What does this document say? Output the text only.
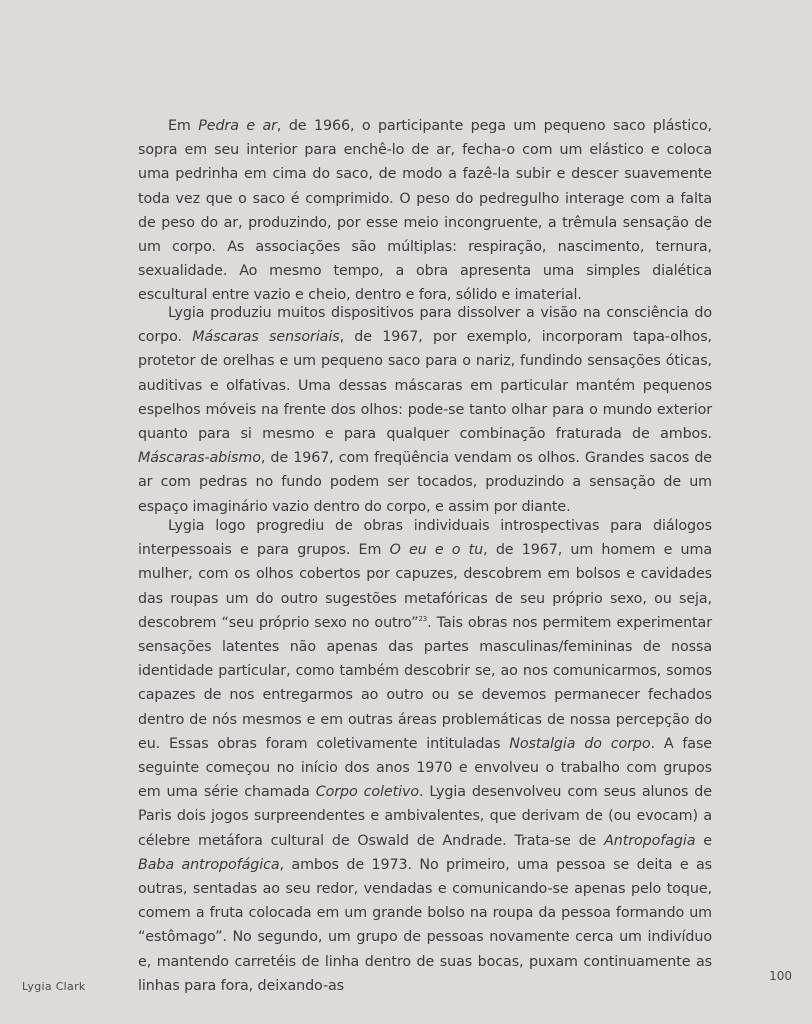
Em Pedra e ar, de 1966, o participante pega um pequeno saco plástico, sopra em seu interior para enchê-lo de ar, fecha-o com um elástico e coloca uma pedrinha em cima do saco, de modo a fazê-la subir e descer suavemente toda vez que o saco é comprimido. O peso do pedregulho interage com a falta de peso do ar, produzindo, por esse meio incongruente, a trêmula sensação de um corpo. As associações são múltiplas: respiração, nascimento, ternura, sexualidade. Ao mesmo tempo, a obra apresenta uma simples dialética escultural entre vazio e cheio, dentro e fora, sólido e imaterial.

Lygia produziu muitos dispositivos para dissolver a visão na consciência do corpo. Máscaras sensoriais, de 1967, por exemplo, incorporam tapa-olhos, protetor de orelhas e um pequeno saco para o nariz, fundindo sensações óticas, auditivas e olfativas. Uma dessas máscaras em particular mantém pequenos espelhos móveis na frente dos olhos: pode-se tanto olhar para o mundo exterior quanto para si mesmo e para qualquer combinação fraturada de ambos. Máscaras-abismo, de 1967, com freqüência vendam os olhos. Grandes sacos de ar com pedras no fundo podem ser tocados, produzindo a sensação de um espaço imaginário vazio dentro do corpo, e assim por diante.

Lygia logo progrediu de obras individuais introspectivas para diálogos interpessoais e para grupos. Em O eu e o tu, de 1967, um homem e uma mulher, com os olhos cobertos por capuzes, descobrem em bolsos e cavidades das roupas um do outro sugestões metafóricas de seu próprio sexo, ou seja, descobrem “seu próprio sexo no outro”$^{23}$. Tais obras nos permitem experimentar sensações latentes não apenas das partes masculinas/femininas de nossa identidade particular, como também descobrir se, ao nos comunicarmos, somos capazes de nos entregarmos ao outro ou se devemos permanecer fechados dentro de nós mesmos e em outras áreas problemáticas de nossa percepção do eu. Essas obras foram coletivamente intituladas Nostalgia do corpo. A fase seguinte começou no início dos anos 1970 e envolveu o trabalho com grupos em uma série chamada Corpo coletivo. Lygia desenvolveu com seus alunos de Paris dois jogos surpreendentes e ambivalentes, que derivam de (ou evocam) a célebre metáfora cultural de Oswald de Andrade. Trata-se de Antropofagia e Baba antropofágica, ambos de 1973. No primeiro, uma pessoa se deita e as outras, sentadas ao seu redor, vendadas e comunicando-se apenas pelo toque, comem a fruta colocada em um grande bolso na roupa da pessoa formando um “estômago”. No segundo, um grupo de pessoas novamente cerca um indivíduo e, mantendo carretéis de linha dentro de suas bocas, puxam continuamente as linhas para fora, deixando-as

Lygia Clark
100
